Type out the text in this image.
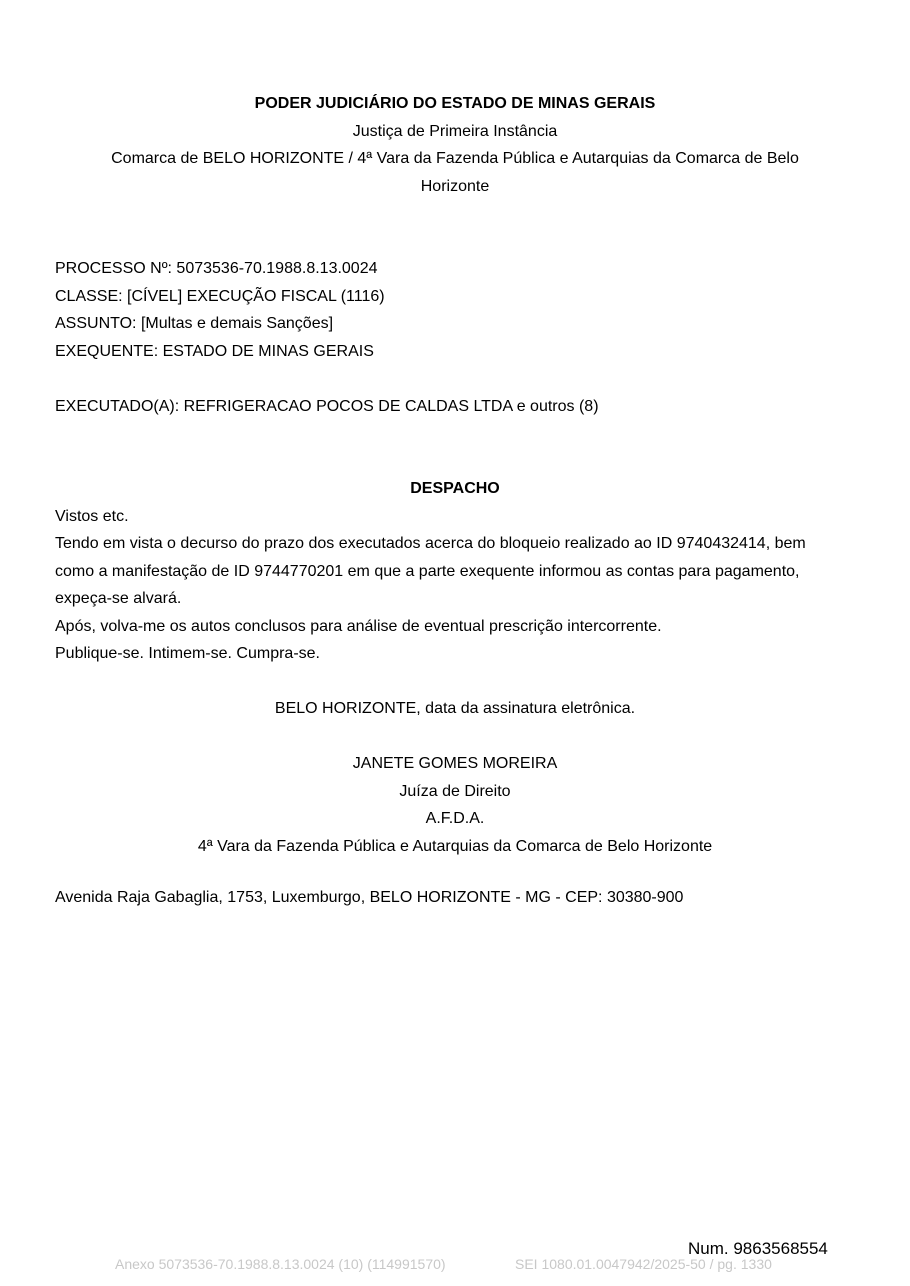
PODER JUDICIÁRIO DO ESTADO DE MINAS GERAIS
Justiça de Primeira Instância
Comarca de BELO HORIZONTE / 4ª Vara da Fazenda Pública e Autarquias da Comarca de Belo
Horizonte
PROCESSO Nº: 5073536-70.1988.8.13.0024
CLASSE: [CÍVEL] EXECUÇÃO FISCAL (1116)
ASSUNTO: [Multas e demais Sanções]
EXEQUENTE: ESTADO DE MINAS GERAIS
EXECUTADO(A): REFRIGERACAO POCOS DE CALDAS LTDA e outros (8)
DESPACHO
Vistos etc.
Tendo em vista o decurso do prazo dos executados acerca do bloqueio realizado ao ID 9740432414, bem
como a manifestação de ID 9744770201 em que a parte exequente informou as contas para pagamento,
expeça-se alvará.
Após, volva-me os autos conclusos para análise de eventual prescrição intercorrente.
Publique-se. Intimem-se. Cumpra-se.
BELO HORIZONTE, data da assinatura eletrônica.
JANETE GOMES MOREIRA
Juíza de Direito
A.F.D.A.
4ª Vara da Fazenda Pública e Autarquias da Comarca de Belo Horizonte
Avenida Raja Gabaglia, 1753, Luxemburgo, BELO HORIZONTE - MG - CEP: 30380-900
Num. 9863568554
Anexo 5073536-70.1988.8.13.0024 (10) (114991570)	SEI 1080.01.0047942/2025-50 / pg. 1330
